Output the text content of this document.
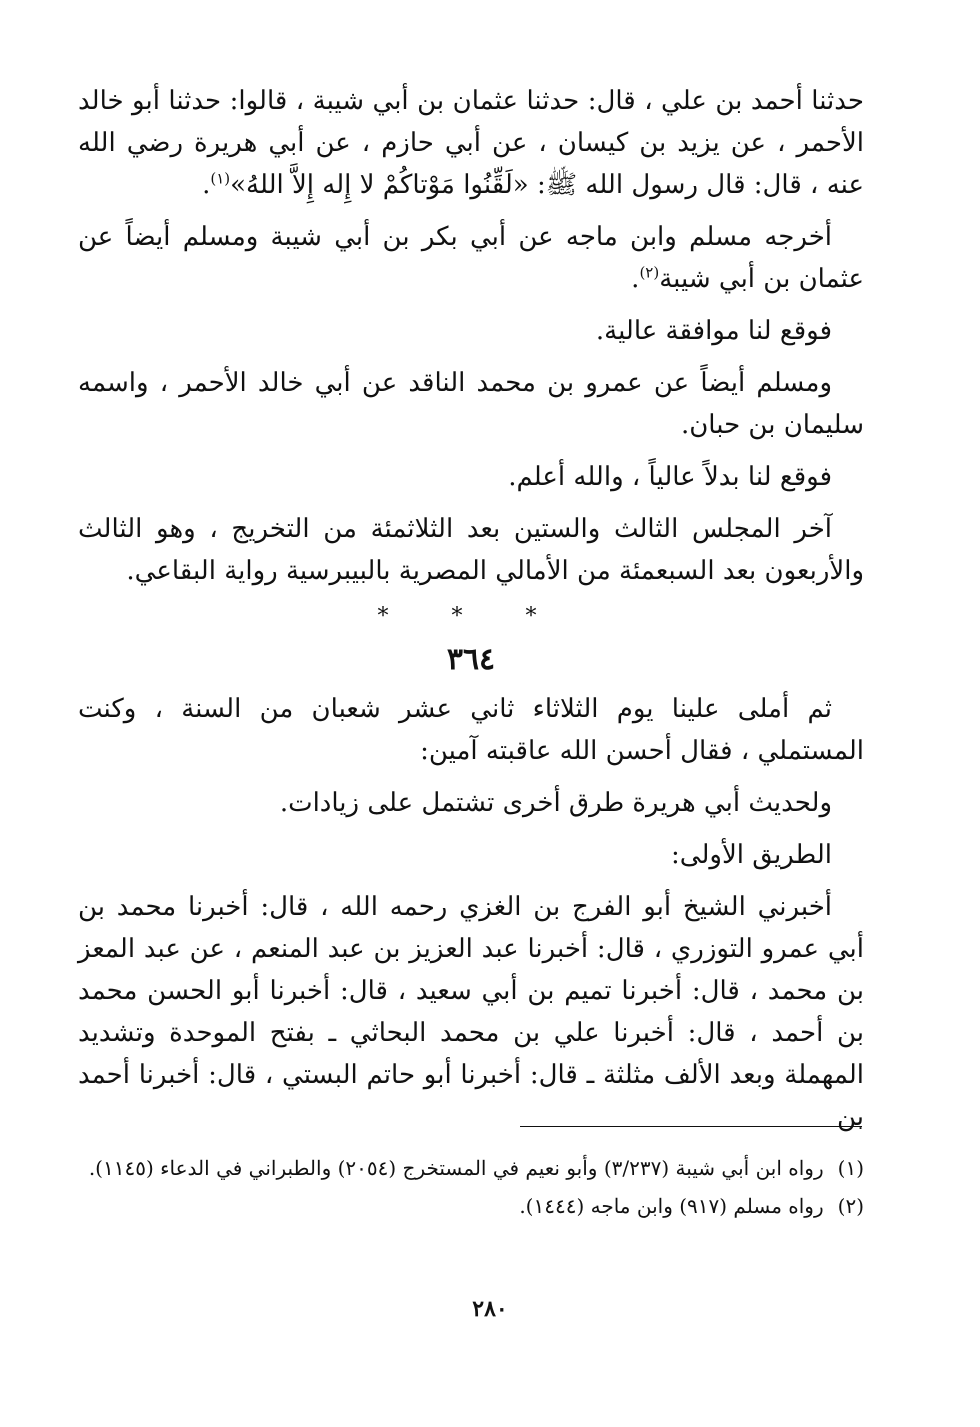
حدثنا أحمد بن علي ، قال: حدثنا عثمان بن أبي شيبة ، قالوا: حدثنا أبو خالد الأحمر ، عن يزيد بن كيسان ، عن أبي حازم ، عن أبي هريرة رضي الله عنه ، قال: قال رسول الله ﷺ: «لَقِّنُوا مَوْتاكُمْ لا إِله إِلاَّ اللهُ»$^{(١)}$.

أخرجه مسلم وابن ماجه عن أبي بكر بن أبي شيبة ومسلم أيضاً عن عثمان بن أبي شيبة$^{(٢)}$.

فوقع لنا موافقة عالية.

ومسلم أيضاً عن عمرو بن محمد الناقد عن أبي خالد الأحمر ، واسمه سليمان بن حبان.

فوقع لنا بدلاً عالياً ، والله أعلم.

آخر المجلس الثالث والستين بعد الثلاثمئة من التخريج ، وهو الثالث والأربعون بعد السبعمئة من الأمالي المصرية بالبيبرسية رواية البقاعي.

* * *
٣٦٤

ثم أملى علينا يوم الثلاثاء ثاني عشر شعبان من السنة ، وكنت المستملي ، فقال أحسن الله عاقبته آمين:

ولحديث أبي هريرة طرق أخرى تشتمل على زيادات.

الطريق الأولى:

أخبرني الشيخ أبو الفرج بن الغزي رحمه الله ، قال: أخبرنا محمد بن أبي عمرو التوزري ، قال: أخبرنا عبد العزيز بن عبد المنعم ، عن عبد المعز بن محمد ، قال: أخبرنا تميم بن أبي سعيد ، قال: أخبرنا أبو الحسن محمد بن أحمد ، قال: أخبرنا علي بن محمد البحاثي ـ بفتح الموحدة وتشديد المهملة وبعد الألف مثلثة ـ قال: أخبرنا أبو حاتم البستي ، قال: أخبرنا أحمد بن

(١)
رواه ابن أبي شيبة (٣/٢٣٧) وأبو نعيم في المستخرج (٢٠٥٤) والطبراني في الدعاء (١١٤٥).
(٢)
رواه مسلم (٩١٧) وابن ماجه (١٤٤٤).
٢٨٠
